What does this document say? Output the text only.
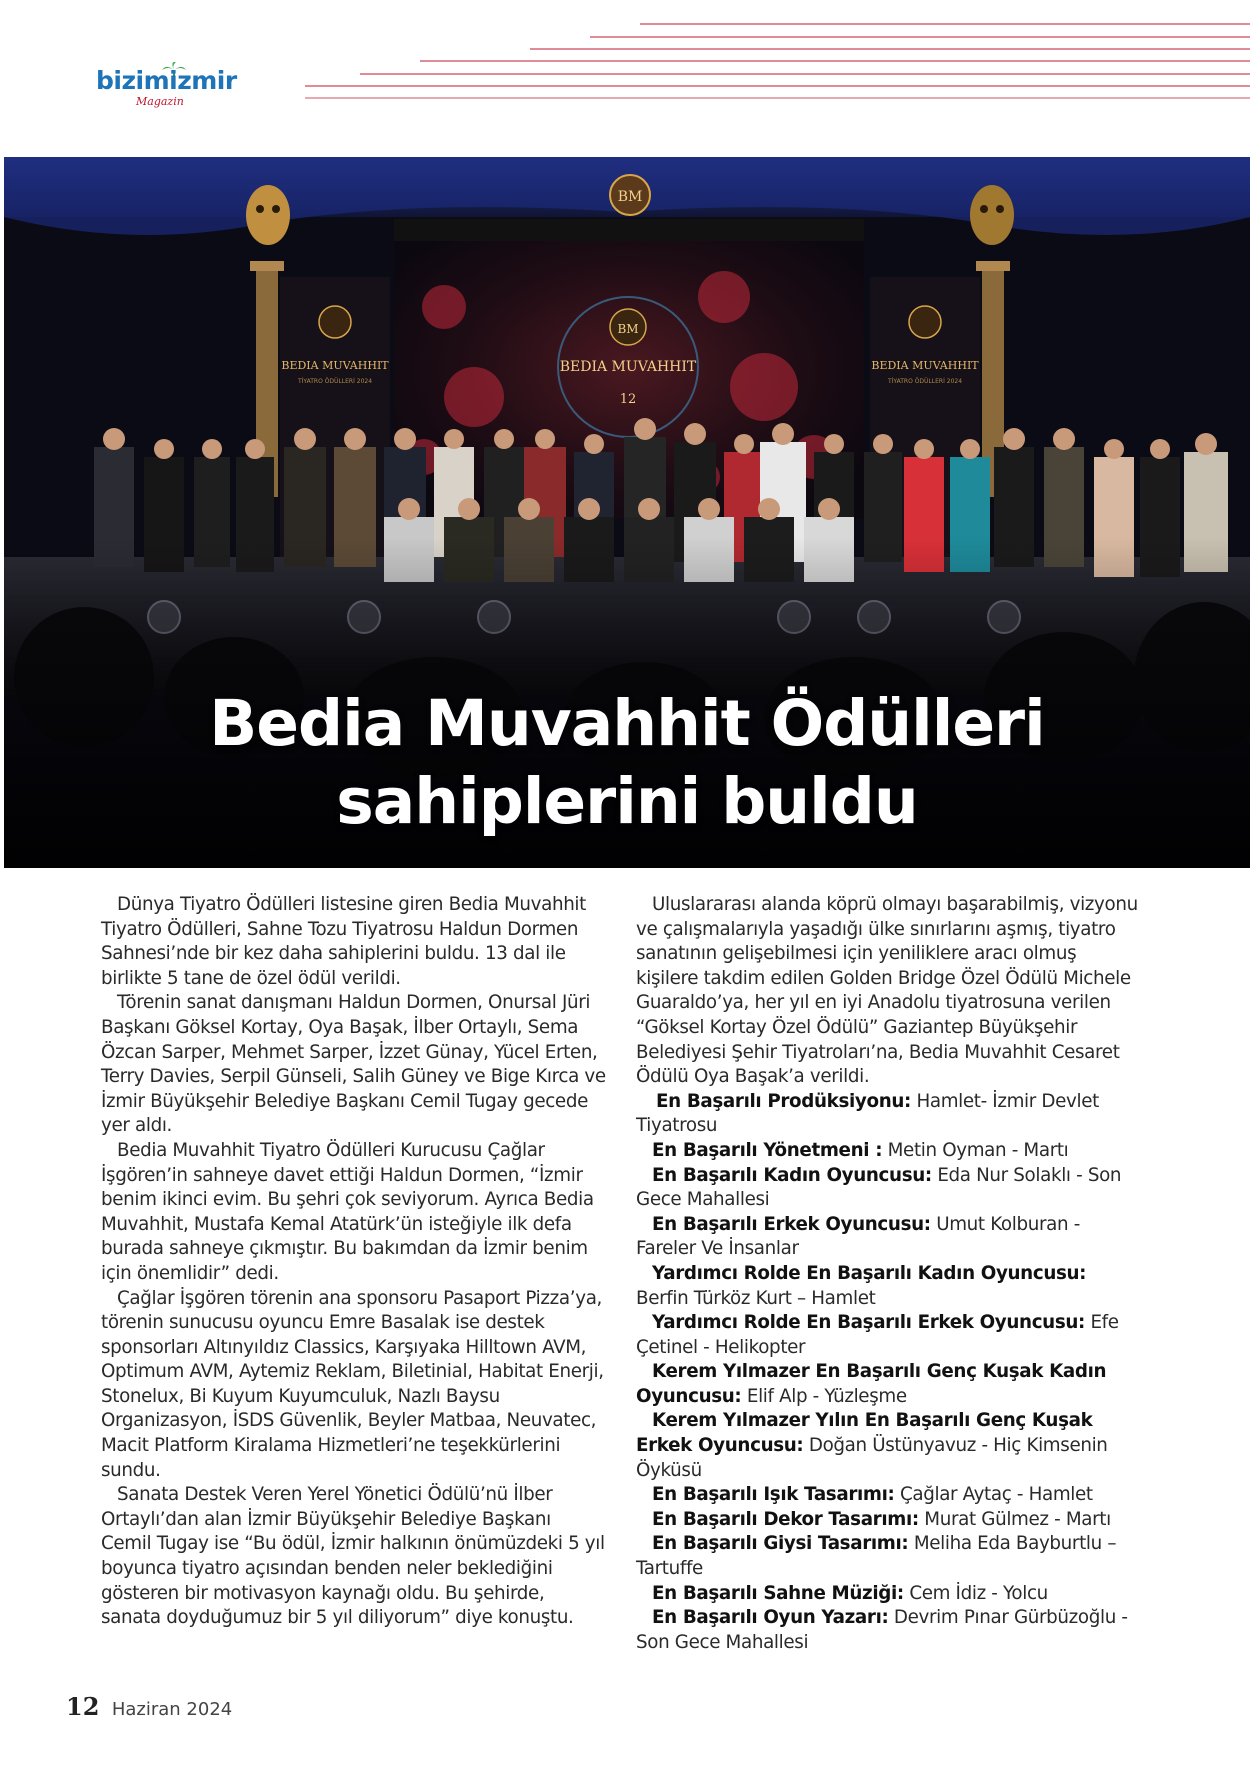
bizimizmir
Magazin
BM
BM
BEDIA MUVAHHIT
12
BEDIA MUVAHHIT	BEDIA MUVAHHIT
TİYATRO ÖDÜLLERİ 2024	TİYATRO ÖDÜLLERİ 2024
Bedia Muvahhit Ödülleri
sahiplerini buldu

Dünya Tiyatro Ödülleri listesine giren Bedia Muvahhit Tiyatro Ödülleri, Sahne Tozu Tiyatrosu Haldun Dormen Sahnesi’nde bir kez daha sahiplerini buldu. 13 dal ile birlikte 5 tane de özel ödül verildi.

Törenin sanat danışmanı Haldun Dormen, Onursal Jüri Başkanı Göksel Kortay, Oya Başak, İlber Ortaylı, Sema Özcan Sarper, Mehmet Sarper, İzzet Günay, Yücel Erten, Terry Davies, Serpil Günseli, Salih Güney ve Bige Kırca ve İzmir Büyükşehir Belediye Başkanı Cemil Tugay gecede yer aldı.

Bedia Muvahhit Tiyatro Ödülleri Kurucusu Çağlar İşgören’in sahneye davet ettiği Haldun Dormen, “İzmir benim ikinci evim. Bu şehri çok seviyorum. Ayrıca Bedia Muvahhit, Mustafa Kemal Atatürk’ün isteğiyle ilk defa burada sahneye çıkmıştır. Bu bakımdan da İzmir benim için önemlidir” dedi.

Çağlar İşgören törenin ana sponsoru Pasaport Pizza’ya, törenin sunucusu oyuncu Emre Basalak ise destek sponsorları Altınyıldız Classics, Karşıyaka Hilltown AVM, Optimum AVM, Aytemiz Reklam, Biletinial, Habitat Enerji, Stonelux, Bi Kuyum Kuyumculuk, Nazlı Baysu Organizasyon, İSDS Güvenlik, Beyler Matbaa, Neuvatec, Macit Platform Kiralama Hizmetleri’ne teşekkürlerini sundu.

Sanata Destek Veren Yerel Yönetici Ödülü’nü İlber Ortaylı’dan alan İzmir Büyükşehir Belediye Başkanı Cemil Tugay ise “Bu ödül, İzmir halkının önümüzdeki 5 yıl boyunca tiyatro açısından benden neler beklediğini gösteren bir motivasyon kaynağı oldu. Bu şehirde, sanata doyduğumuz bir 5 yıl diliyorum” diye konuştu.

Uluslararası alanda köprü olmayı başarabilmiş, vizyonu ve çalışmalarıyla yaşadığı ülke sınırlarını aşmış, tiyatro sanatının gelişebilmesi için yeniliklere aracı olmuş kişilere takdim edilen Golden Bridge Özel Ödülü Michele Guaraldo’ya, her yıl en iyi Anadolu tiyatrosuna verilen “Göksel Kortay Özel Ödülü” Gaziantep Büyükşehir Belediyesi Şehir Tiyatroları’na, Bedia Muvahhit Cesaret Ödülü Oya Başak’a verildi.

En Başarılı Prodüksiyonu: Hamlet- İzmir Devlet Tiyatrosu
En Başarılı Yönetmeni : Metin Oyman - Martı
En Başarılı Kadın Oyuncusu: Eda Nur Solaklı - Son Gece Mahallesi
En Başarılı Erkek Oyuncusu: Umut Kolburan - Fareler Ve İnsanlar
Yardımcı Rolde En Başarılı Kadın Oyuncusu: Berfin Türköz Kurt – Hamlet
Yardımcı Rolde En Başarılı Erkek Oyuncusu: Efe Çetinel - Helikopter
Kerem Yılmazer En Başarılı Genç Kuşak Kadın Oyuncusu: Elif Alp - Yüzleşme
Kerem Yılmazer Yılın En Başarılı Genç Kuşak Erkek Oyuncusu: Doğan Üstünyavuz - Hiç Kimsenin Öyküsü
En Başarılı Işık Tasarımı: Çağlar Aytaç - Hamlet
En Başarılı Dekor Tasarımı: Murat Gülmez - Martı
En Başarılı Giysi Tasarımı: Meliha Eda Bayburtlu – Tartuffe
En Başarılı Sahne Müziği: Cem İdiz - Yolcu
En Başarılı Oyun Yazarı: Devrim Pınar Gürbüzoğlu - Son Gece Mahallesi
12 Haziran 2024
